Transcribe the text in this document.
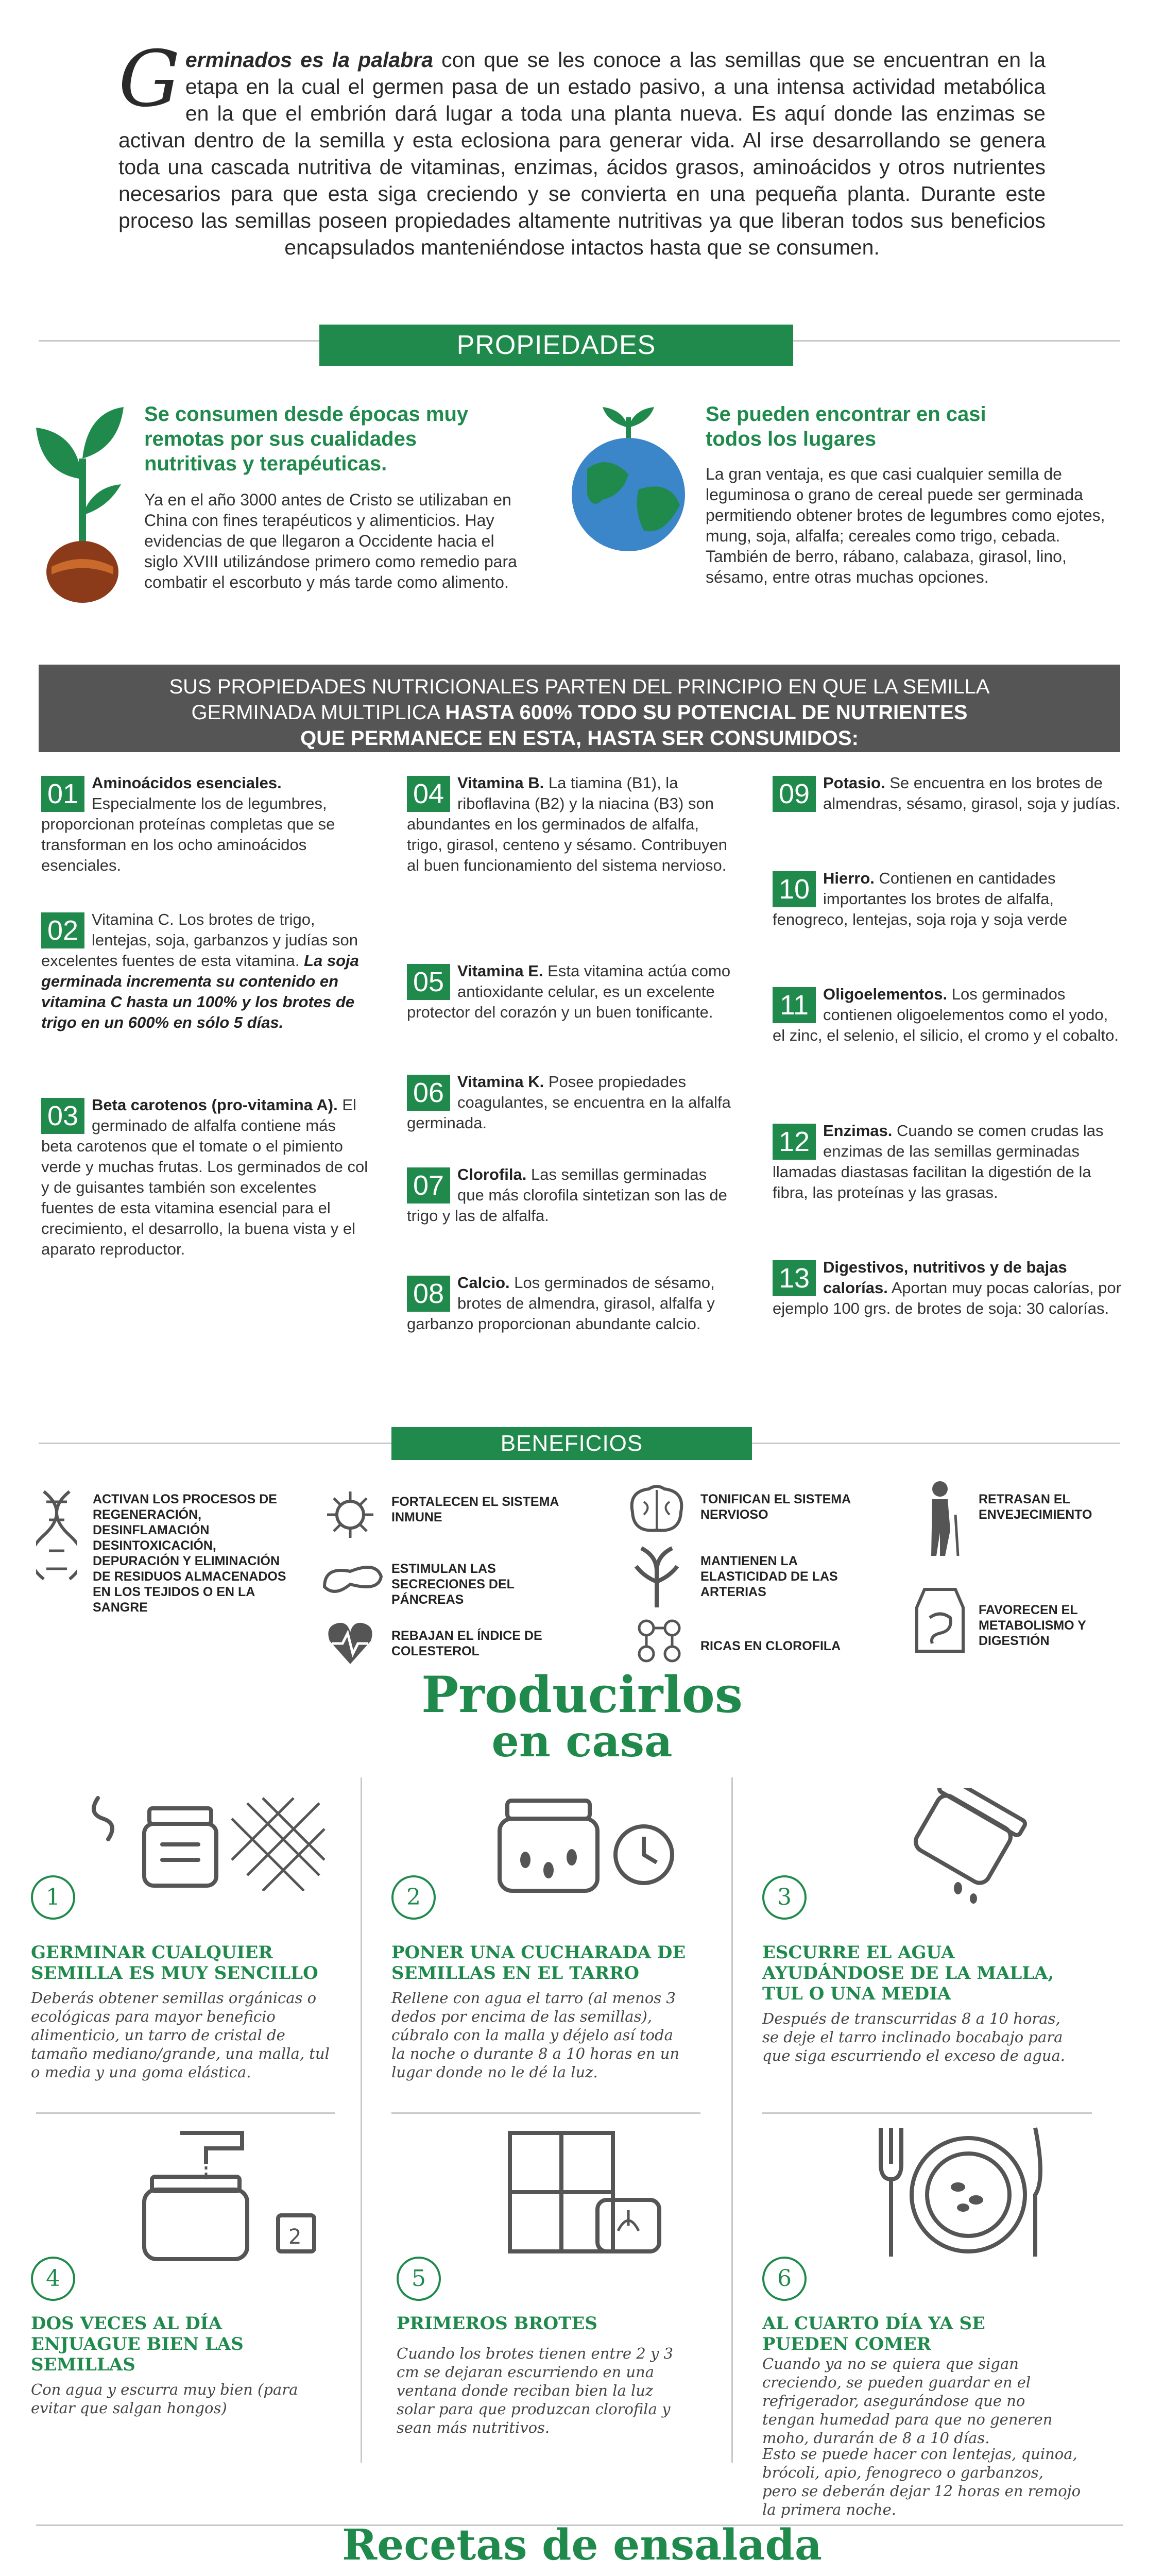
Germinados es la palabra con que se les conoce a las semillas que se encuentran en la etapa en la cual el germen pasa de un estado pasivo, a una intensa actividad metabólica en la que el embrión dará lugar a toda una planta nueva. Es aquí donde las enzimas se activan dentro de la semilla y esta eclosiona para generar vida. Al irse desarrollando se genera toda una cascada nutritiva de vitaminas, enzimas, ácidos grasos, aminoácidos y otros nutrientes necesarios para que esta siga creciendo y se convierta en una pequeña planta. Durante este proceso las semillas poseen propiedades altamente nutritivas ya que liberan todos sus beneficios encapsulados manteniéndose intactos hasta que se consumen.
PROPIEDADES
Se consumen desde épocas muy remotas por sus cualidades nutritivas y terapéuticas.
Ya en el año 3000 antes de Cristo se utilizaban en China con fines terapéuticos y alimenticios. Hay evidencias de que llegaron a Occidente hacia el siglo XVIII utilizándose primero como remedio para combatir el escorbuto y más tarde como alimento.
Se pueden encontrar en casi todos los lugares
La gran ventaja, es que casi cualquier semilla de leguminosa o grano de cereal puede ser germinada permitiendo obtener brotes de legumbres como ejotes, mung, soja, alfalfa; cereales como trigo, cebada. También de berro, rábano, calabaza, girasol, lino, sésamo, entre otras muchas opciones.
SUS PROPIEDADES NUTRICIONALES PARTEN DEL PRINCIPIO EN QUE LA SEMILLA
GERMINADA MULTIPLICA HASTA 600% TODO SU POTENCIAL DE NUTRIENTES
QUE PERMANECE EN ESTA, HASTA SER CONSUMIDOS:
01 Aminoácidos esenciales. Especialmente los de legumbres, proporcionan proteínas completas que se transforman en los ocho aminoácidos esenciales.
02 Vitamina C. Los brotes de trigo, lentejas, soja, garbanzos y judías son excelentes fuentes de esta vitamina. La soja germinada incrementa su contenido en vitamina C hasta un 100% y los brotes de trigo en un 600% en sólo 5 días.
03 Beta carotenos (pro-vitamina A). El germinado de alfalfa contiene más beta carotenos que el tomate o el pimiento verde y muchas frutas. Los germinados de col y de guisantes también son excelentes fuentes de esta vitamina esencial para el crecimiento, el desarrollo, la buena vista y el aparato reproductor.
04 Vitamina B. La tiamina (B1), la riboflavina (B2) y la niacina (B3) son abundantes en los germinados de alfalfa, trigo, girasol, centeno y sésamo. Contribuyen al buen funcionamiento del sistema nervioso.
05 Vitamina E. Esta vitamina actúa como antioxidante celular, es un excelente protector del corazón y un buen tonificante.
06 Vitamina K. Posee propiedades coagulantes, se encuentra en la alfalfa germinada.
07 Clorofila. Las semillas germinadas que más clorofila sintetizan son las de trigo y las de alfalfa.
08 Calcio. Los germinados de sésamo, brotes de almendra, girasol, alfalfa y garbanzo proporcionan abundante calcio.
09 Potasio. Se encuentra en los brotes de almendras, sésamo, girasol, soja y judías.
10 Hierro. Contienen en cantidades importantes los brotes de alfalfa, fenogreco, lentejas, soja roja y soja verde
11 Oligoelementos. Los germinados contienen oligoelementos como el yodo, el zinc, el selenio, el silicio, el cromo y el cobalto.
12 Enzimas. Cuando se comen crudas las enzimas de las semillas germinadas llamadas diastasas facilitan la digestión de la fibra, las proteínas y las grasas.
13 Digestivos, nutritivos y de bajas calorías. Aportan muy pocas calorías, por ejemplo 100 grs. de brotes de soja: 30 calorías.
BENEFICIOS
ACTIVAN LOS PROCESOS DE REGENERACIÓN, DESINFLAMACIÓN DESINTOXICACIÓN, DEPURACIÓN Y ELIMINACIÓN DE RESIDUOS ALMACENADOS EN LOS TEJIDOS O EN LA SANGRE
FORTALECEN EL SISTEMA INMUNE
ESTIMULAN LAS SECRECIONES DEL PÁNCREAS
REBAJAN EL ÍNDICE DE COLESTEROL
TONIFICAN EL SISTEMA NERVIOSO
MANTIENEN LA ELASTICIDAD DE LAS ARTERIAS
RICAS EN CLOROFILA
RETRASAN EL ENVEJECIMIENTO
FAVORECEN EL METABOLISMO Y DIGESTIÓN
Producirlos
en casa
1
GERMINAR CUALQUIER SEMILLA ES MUY SENCILLO
Deberás obtener semillas orgánicas o ecológicas para mayor beneficio alimenticio, un tarro de cristal de tamaño mediano/grande, una malla, tul o media y una goma elástica.
2
PONER UNA CUCHARADA DE SEMILLAS EN EL TARRO
Rellene con agua el tarro (al menos 3 dedos por encima de las semillas), cúbralo con la malla y déjelo así toda la noche o durante 8 a 10 horas en un lugar donde no le dé la luz.
3
ESCURRE EL AGUA AYUDÁNDOSE DE LA MALLA, TUL O UNA MEDIA
Después de transcurridas 8 a 10 horas, se deje el tarro inclinado bocabajo para que siga escurriendo el exceso de agua.
2
4
DOS VECES AL DÍA ENJUAGUE BIEN LAS SEMILLAS
Con agua y escurra muy bien (para evitar que salgan hongos)
5
PRIMEROS BROTES
Cuando los brotes tienen entre 2 y 3 cm se dejaran escurriendo en una ventana donde reciban bien la luz solar para que produzcan clorofila y sean más nutritivos.
6
AL CUARTO DÍA YA SE PUEDEN COMER
Cuando ya no se quiera que sigan creciendo, se pueden guardar en el refrigerador, asegurándose que no tengan humedad para que no generen moho, durarán de 8 a 10 días.
Esto se puede hacer con lentejas, quinoa, brócoli, apio, fenogreco o garbanzos, pero se deberán dejar 12 horas en remojo la primera noche.
Recetas de ensalada
